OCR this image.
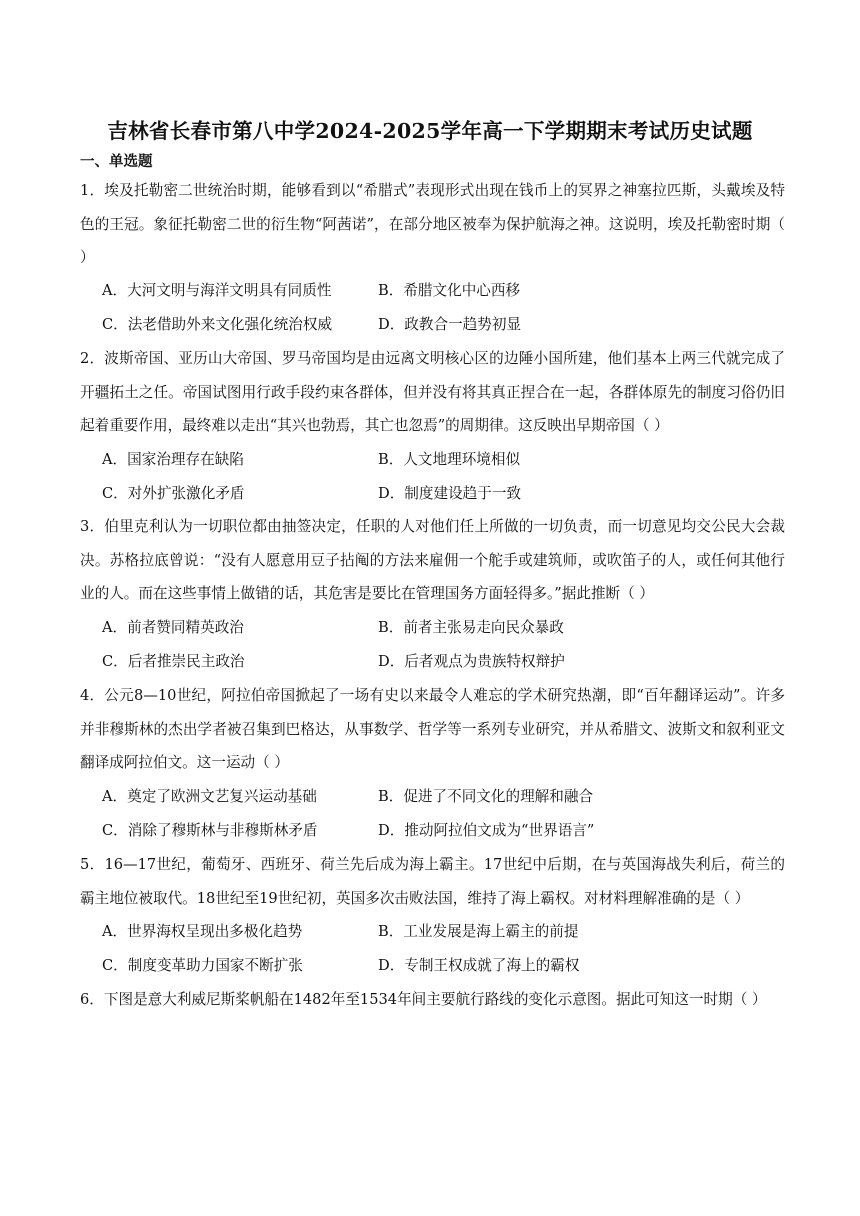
吉林省长春市第八中学2024-2025学年高一下学期期末考试历史试题
一、单选题
1．埃及托勒密二世统治时期，能够看到以“希腊式”表现形式出现在钱币上的冥界之神塞拉匹斯，头戴埃及特色的王冠。象征托勒密二世的衍生物“阿茜诺”，在部分地区被奉为保护航海之神。这说明，埃及托勒密时期（ ）
A．大河文明与海洋文明具有同质性	B．希腊文化中心西移
C．法老借助外来文化强化统治权威	D．政教合一趋势初显
2．波斯帝国、亚历山大帝国、罗马帝国均是由远离文明核心区的边陲小国所建，他们基本上两三代就完成了开疆拓土之任。帝国试图用行政手段约束各群体，但并没有将其真正捏合在一起，各群体原先的制度习俗仍旧起着重要作用，最终难以走出“其兴也勃焉，其亡也忽焉”的周期律。这反映出早期帝国（ ）
A．国家治理存在缺陷	B．人文地理环境相似
C．对外扩张激化矛盾	D．制度建设趋于一致
3．伯里克利认为一切职位都由抽签决定，任职的人对他们任上所做的一切负责，而一切意见均交公民大会裁决。苏格拉底曾说：“没有人愿意用豆子拈阄的方法来雇佣一个舵手或建筑师，或吹笛子的人，或任何其他行业的人。而在这些事情上做错的话，其危害是要比在管理国务方面轻得多。”据此推断（ ）
A．前者赞同精英政治	B．前者主张易走向民众暴政
C．后者推崇民主政治	D．后者观点为贵族特权辩护
4．公元8—10世纪，阿拉伯帝国掀起了一场有史以来最令人难忘的学术研究热潮，即“百年翻译运动”。许多并非穆斯林的杰出学者被召集到巴格达，从事数学、哲学等一系列专业研究，并从希腊文、波斯文和叙利亚文翻译成阿拉伯文。这一运动（ ）
A．奠定了欧洲文艺复兴运动基础	B．促进了不同文化的理解和融合
C．消除了穆斯林与非穆斯林矛盾	D．推动阿拉伯文成为“世界语言”
5．16—17世纪，葡萄牙、西班牙、荷兰先后成为海上霸主。17世纪中后期，在与英国海战失利后，荷兰的霸主地位被取代。18世纪至19世纪初，英国多次击败法国，维持了海上霸权。对材料理解准确的是（ ）
A．世界海权呈现出多极化趋势	B．工业发展是海上霸主的前提
C．制度变革助力国家不断扩张	D．专制王权成就了海上的霸权
6．下图是意大利威尼斯桨帆船在1482年至1534年间主要航行路线的变化示意图。据此可知这一时期（ ）
